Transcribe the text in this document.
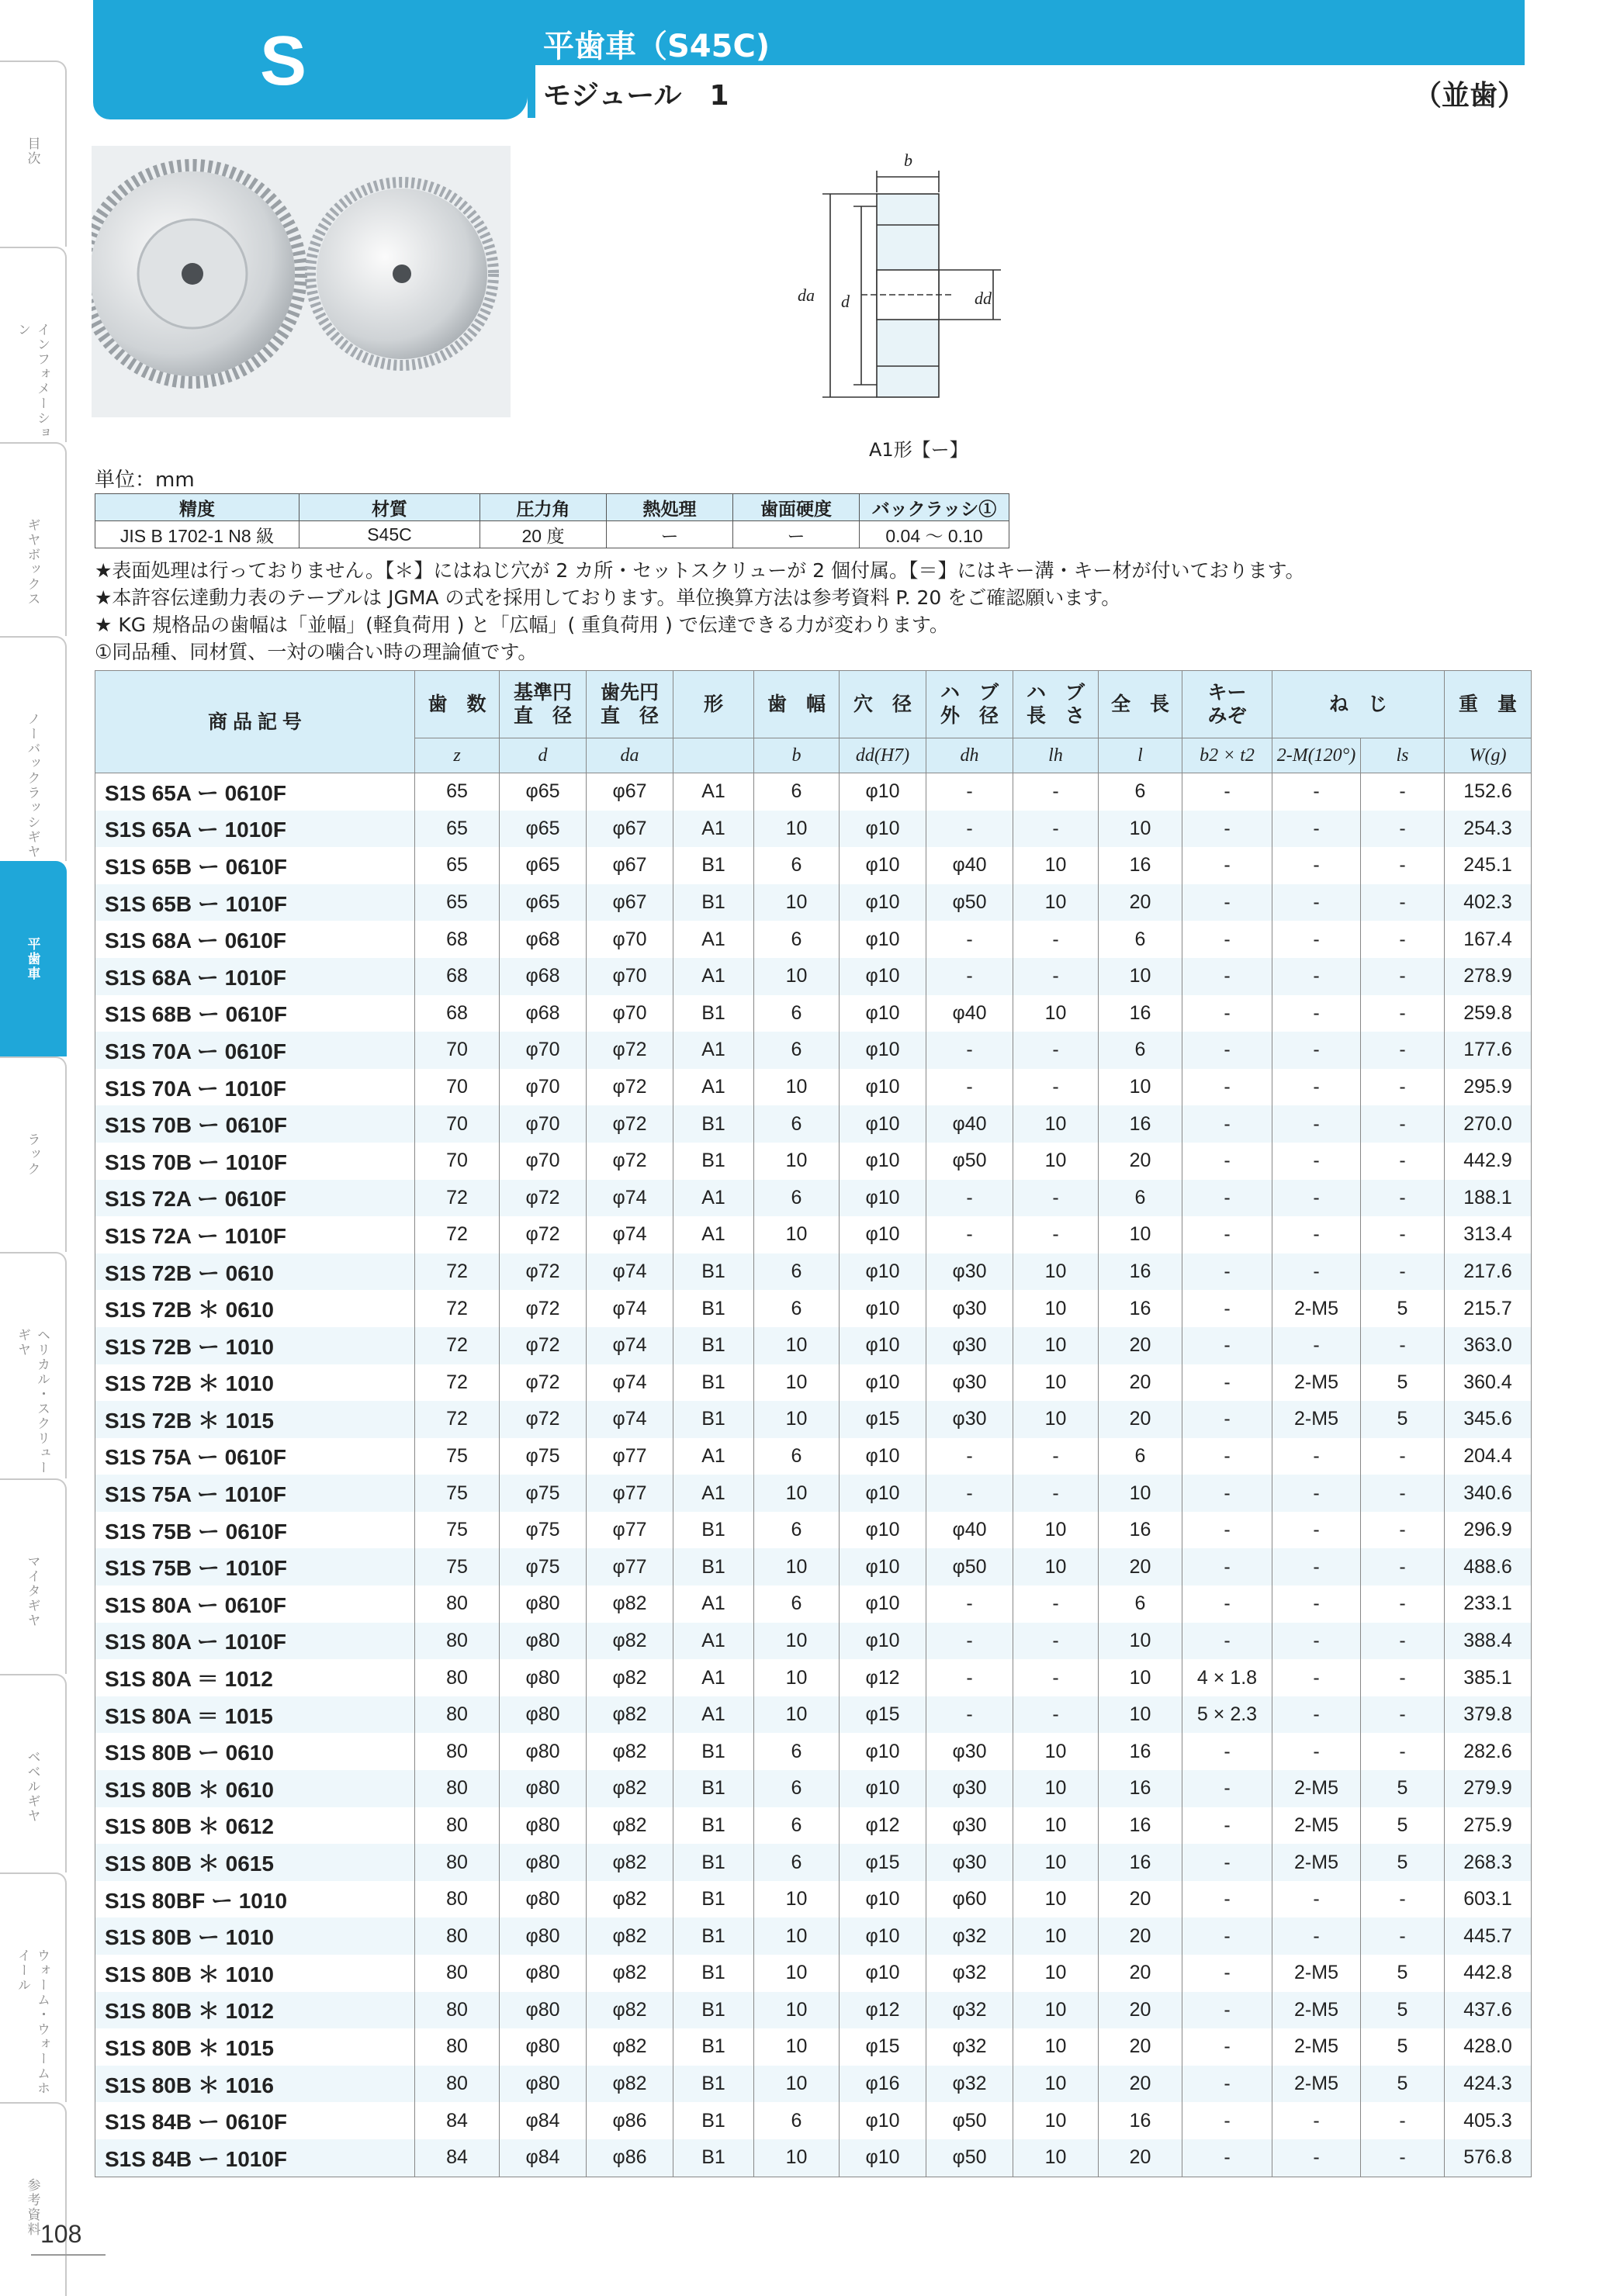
目次
インフォメーション
ギヤボックス
ノーバックラッシギヤ
平歯車
ラック
ヘリカル・スクリューギヤ
マイタギヤ
ベベルギヤ
ウォーム・ウォームホイール
参考資料 108
S	平歯車（S45C)
モジュール　1	（並歯）
b
da d	dd
A1形【ー】
単位：mm
精度	材質	圧力角	熱処理	歯面硬度	バックラッシ①
JIS B 1702-1 N8 級	S45C	20 度	ー	ー	0.04 〜 0.10
★表面処理は行っておりません。【＊】にはねじ穴が 2 カ所・セットスクリューが 2 個付属。【＝】にはキー溝・キー材が付いております。
★本許容伝達動力表のテーブルは JGMA の式を採用しております。単位換算方法は参考資料 P. 20 をご確認願います。
★ KG 規格品の歯幅は「並幅」(軽負荷用 ) と「広幅」( 重負荷用 ) で伝達できる力が変わります。
①同品種、同材質、一対の噛合い時の理論値です。
商 品 記 号	歯　数	基準円
直　径	歯先円
直　径	形	歯　幅	穴　径	ハ　ブ
外　径	ハ　ブ
長　さ	全　長	キー
みぞ	ね　じ		重　量
	z	d	da		b	dd(H7)	dh	lh	l	b2 × t2	2-M(120°)	ls	W(g)
S1S 65A ー 0610F	65	φ65	φ67	A1	6	φ10	-	-	6	-	-	-	152.6
S1S 65A ー 1010F	65	φ65	φ67	A1	10	φ10	-	-	10	-	-	-	254.3
S1S 65B ー 0610F	65	φ65	φ67	B1	6	φ10	φ40	10	16	-	-	-	245.1
S1S 65B ー 1010F	65	φ65	φ67	B1	10	φ10	φ50	10	20	-	-	-	402.3
S1S 68A ー 0610F	68	φ68	φ70	A1	6	φ10	-	-	6	-	-	-	167.4
S1S 68A ー 1010F	68	φ68	φ70	A1	10	φ10	-	-	10	-	-	-	278.9
S1S 68B ー 0610F	68	φ68	φ70	B1	6	φ10	φ40	10	16	-	-	-	259.8
S1S 70A ー 0610F	70	φ70	φ72	A1	6	φ10	-	-	6	-	-	-	177.6
S1S 70A ー 1010F	70	φ70	φ72	A1	10	φ10	-	-	10	-	-	-	295.9
S1S 70B ー 0610F	70	φ70	φ72	B1	6	φ10	φ40	10	16	-	-	-	270.0
S1S 70B ー 1010F	70	φ70	φ72	B1	10	φ10	φ50	10	20	-	-	-	442.9
S1S 72A ー 0610F	72	φ72	φ74	A1	6	φ10	-	-	6	-	-	-	188.1
S1S 72A ー 1010F	72	φ72	φ74	A1	10	φ10	-	-	10	-	-	-	313.4
S1S 72B ー 0610	72	φ72	φ74	B1	6	φ10	φ30	10	16	-	-	-	217.6
S1S 72B ＊ 0610	72	φ72	φ74	B1	6	φ10	φ30	10	16	-	2-M5	5	215.7
S1S 72B ー 1010	72	φ72	φ74	B1	10	φ10	φ30	10	20	-	-	-	363.0
S1S 72B ＊ 1010	72	φ72	φ74	B1	10	φ10	φ30	10	20	-	2-M5	5	360.4
S1S 72B ＊ 1015	72	φ72	φ74	B1	10	φ15	φ30	10	20	-	2-M5	5	345.6
S1S 75A ー 0610F	75	φ75	φ77	A1	6	φ10	-	-	6	-	-	-	204.4
S1S 75A ー 1010F	75	φ75	φ77	A1	10	φ10	-	-	10	-	-	-	340.6
S1S 75B ー 0610F	75	φ75	φ77	B1	6	φ10	φ40	10	16	-	-	-	296.9
S1S 75B ー 1010F	75	φ75	φ77	B1	10	φ10	φ50	10	20	-	-	-	488.6
S1S 80A ー 0610F	80	φ80	φ82	A1	6	φ10	-	-	6	-	-	-	233.1
S1S 80A ー 1010F	80	φ80	φ82	A1	10	φ10	-	-	10	-	-	-	388.4
S1S 80A ＝ 1012	80	φ80	φ82	A1	10	φ12	-	-	10	4 × 1.8	-	-	385.1
S1S 80A ＝ 1015	80	φ80	φ82	A1	10	φ15	-	-	10	5 × 2.3	-	-	379.8
S1S 80B ー 0610	80	φ80	φ82	B1	6	φ10	φ30	10	16	-	-	-	282.6
S1S 80B ＊ 0610	80	φ80	φ82	B1	6	φ10	φ30	10	16	-	2-M5	5	279.9
S1S 80B ＊ 0612	80	φ80	φ82	B1	6	φ12	φ30	10	16	-	2-M5	5	275.9
S1S 80B ＊ 0615	80	φ80	φ82	B1	6	φ15	φ30	10	16	-	2-M5	5	268.3
S1S 80BF ー 1010	80	φ80	φ82	B1	10	φ10	φ60	10	20	-	-	-	603.1
S1S 80B ー 1010	80	φ80	φ82	B1	10	φ10	φ32	10	20	-	-	-	445.7
S1S 80B ＊ 1010	80	φ80	φ82	B1	10	φ10	φ32	10	20	-	2-M5	5	442.8
S1S 80B ＊ 1012	80	φ80	φ82	B1	10	φ12	φ32	10	20	-	2-M5	5	437.6
S1S 80B ＊ 1015	80	φ80	φ82	B1	10	φ15	φ32	10	20	-	2-M5	5	428.0
S1S 80B ＊ 1016	80	φ80	φ82	B1	10	φ16	φ32	10	20	-	2-M5	5	424.3
S1S 84B ー 0610F	84	φ84	φ86	B1	6	φ10	φ50	10	16	-	-	-	405.3
S1S 84B ー 1010F	84	φ84	φ86	B1	10	φ10	φ50	10	20	-	-	-	576.8
